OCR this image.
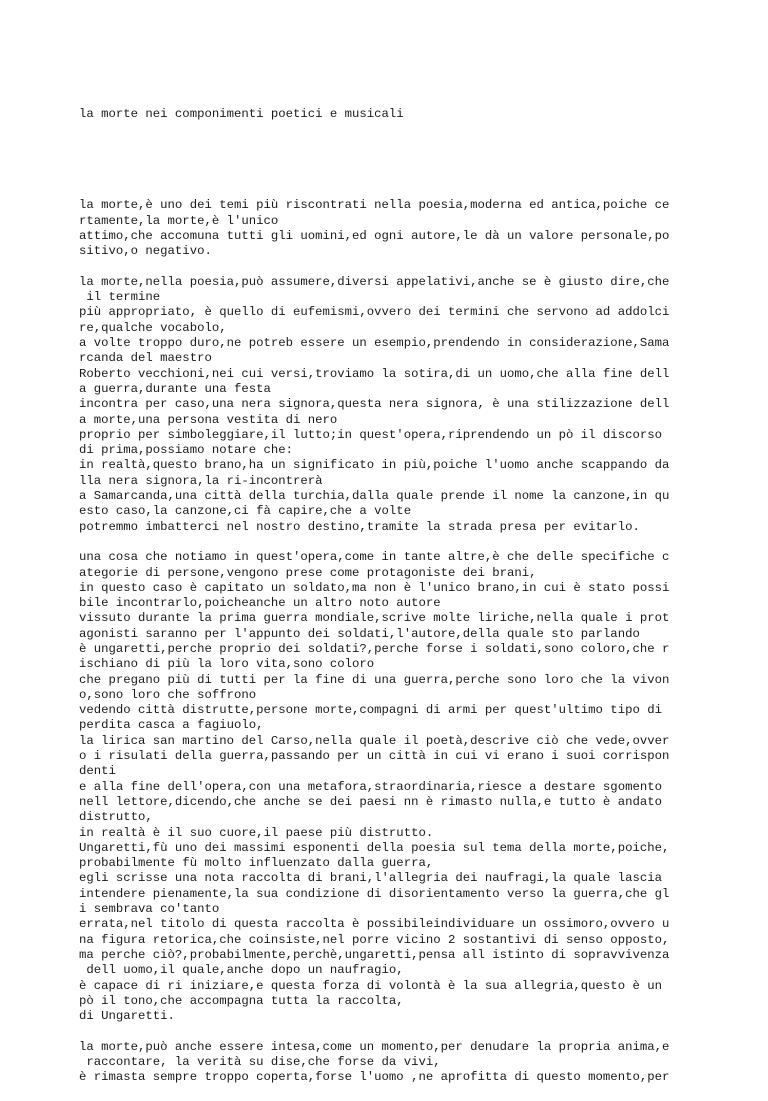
la morte nei componimenti poetici e musicali

la morte,è uno dei temi più riscontrati nella poesia,moderna ed antica,poiche ce
rtamente,la morte,è l'unico
attimo,che accomuna tutti gli uomini,ed ogni autore,le dà un valore personale,po
sitivo,o negativo.
la morte,nella poesia,può assumere,diversi appelativi,anche se è giusto dire,che
il termine
più appropriato, è quello di eufemismi,ovvero dei termini che servono ad addolci
re,qualche vocabolo,
a volte troppo duro,ne potreb essere un esempio,prendendo in considerazione,Sama
rcanda del maestro
Roberto vecchioni,nei cui versi,troviamo la sotira,di un uomo,che alla fine dell
a guerra,durante una festa
incontra per caso,una nera signora,questa nera signora, è una stilizzazione dell
a morte,una persona vestita di nero
proprio per simboleggiare,il lutto;in quest'opera,riprendendo un pò il discorso
di prima,possiamo notare che:
in realtà,questo brano,ha un significato in più,poiche l'uomo anche scappando da
lla nera signora,la ri-incontrerà
a Samarcanda,una città della turchia,dalla quale prende il nome la canzone,in qu
esto caso,la canzone,ci fà capire,che a volte
potremmo imbatterci nel nostro destino,tramite la strada presa per evitarlo.
una cosa che notiamo in quest'opera,come in tante altre,è che delle specifiche c
ategorie di persone,vengono prese come protagoniste dei brani,
in questo caso è capitato un soldato,ma non è l'unico brano,in cui è stato possi
bile incontrarlo,poicheanche un altro noto autore
vissuto durante la prima guerra mondiale,scrive molte liriche,nella quale i prot
agonisti saranno per l'appunto dei soldati,l'autore,della quale sto parlando
è ungaretti,perche proprio dei soldati?,perche forse i soldati,sono coloro,che r
ischiano di più la loro vita,sono coloro
che pregano più di tutti per la fine di una guerra,perche sono loro che la vivon
o,sono loro che soffrono
vedendo città distrutte,persone morte,compagni di armi per quest'ultimo tipo di
perdita casca a fagiuolo,
la lirica san martino del Carso,nella quale il poetà,descrive ciò che vede,ovver
o i risulati della guerra,passando per un città in cui vi erano i suoi corrispon
denti
e alla fine dell'opera,con una metafora,straordinaria,riesce a destare sgomento
nell lettore,dicendo,che anche se dei paesi nn è rimasto nulla,e tutto è andato
distrutto,
in realtà è il suo cuore,il paese più distrutto.
Ungaretti,fù uno dei massimi esponenti della poesia sul tema della morte,poiche,
probabilmente fù molto influenzato dalla guerra,
egli scrisse una nota raccolta di brani,l'allegria dei naufragi,la quale lascia
intendere pienamente,la sua condizione di disorientamento verso la guerra,che gl
i sembrava co'tanto
errata,nel titolo di questa raccolta è possibileindividuare un ossimoro,ovvero u
na figura retorica,che coinsiste,nel porre vicino 2 sostantivi di senso opposto,
ma perche ciò?,probabilmente,perchè,ungaretti,pensa all istinto di sopravvivenza
dell uomo,il quale,anche dopo un naufragio,
è capace di ri iniziare,e questa forza di volontà è la sua allegria,questo è un
pò il tono,che accompagna tutta la raccolta,
di Ungaretti.
la morte,può anche essere intesa,come un momento,per denudare la propria anima,e
raccontare, la verità su dise,che forse da vivi,
è rimasta sempre troppo coperta,forse l'uomo ,ne aprofitta di questo momento,per
